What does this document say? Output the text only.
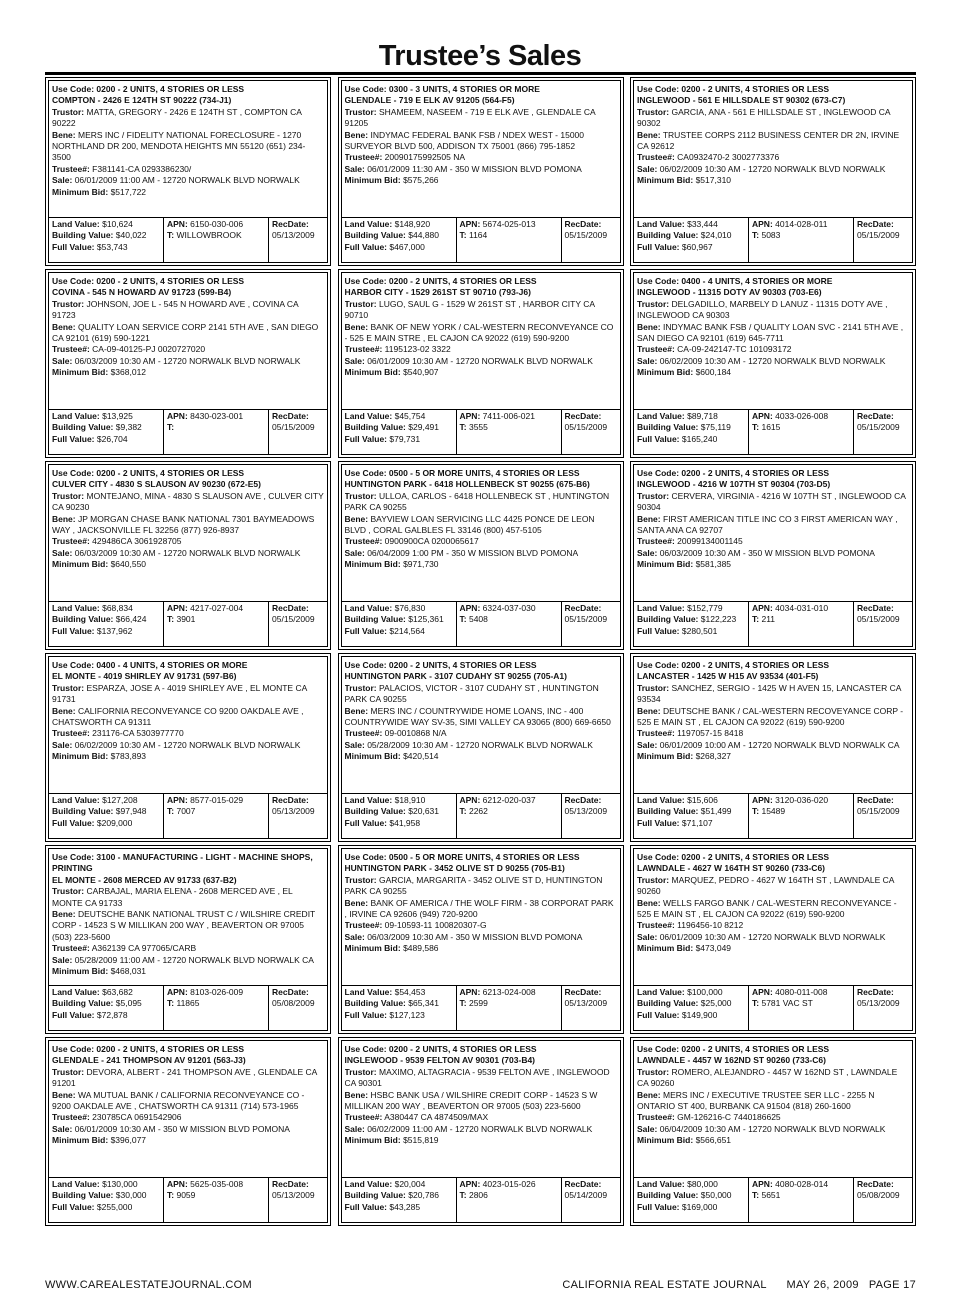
Trustee’s Sales
Use Code: 0200 - 2 UNITS, 4 STORIES OR LESS
COMPTON - 2426 E 124TH ST 90222 (734-J1)
Trustor: MATTA, GREGORY - 2426 E 124TH ST , COMPTON CA 90222
Bene: MERS INC / FIDELITY NATIONAL FORECLOSURE - 1270 NORTHLAND DR 200, MENDOTA HEIGHTS MN 55120 (651) 234-3500
Trustee#: F381141-CA 0293386230/
Sale: 06/01/2009 11:00 AM - 12720 NORWALK BLVD NORWALK
Minimum Bid: $517,722
Land Value: $10,624
Building Value: $40,022
Full Value: $53,743
APN: 6150-030-006
T: WILLOWBROOK
RecDate:
05/13/2009
Use Code: 0300 - 3 UNITS, 4 STORIES OR MORE
GLENDALE - 719 E ELK AV 91205 (564-F5)
Trustor: SHAMEEM, NASEEM - 719 E ELK AVE , GLENDALE CA 91205
Bene: INDYMAC FEDERAL BANK FSB / NDEX WEST - 15000 SURVEYOR BLVD 500, ADDISON TX 75001 (866) 795-1852
Trustee#: 20090175992505 NA
Sale: 06/01/2009 11:30 AM - 350 W MISSION BLVD POMONA
Minimum Bid: $575,266
Land Value: $148,920
Building Value: $44,880
Full Value: $467,000
APN: 5674-025-013
T: 1164
RecDate:
05/15/2009
Use Code: 0200 - 2 UNITS, 4 STORIES OR LESS
INGLEWOOD - 561 E HILLSDALE ST 90302 (673-C7)
Trustor: GARCIA, ANA - 561 E HILLSDALE ST , INGLEWOOD CA 90302
Bene: TRUSTEE CORPS 2112 BUSINESS CENTER DR 2N, IRVINE CA 92612
Trustee#: CA0932470-2 3002773376
Sale: 06/02/2009 10:30 AM - 12720 NORWALK BLVD NORWALK
Minimum Bid: $517,310
Land Value: $33,444
Building Value: $24,010
Full Value: $60,967
APN: 4014-028-011
T: 5083
RecDate:
05/15/2009
Use Code: 0200 - 2 UNITS, 4 STORIES OR LESS
COVINA - 545 N HOWARD AV 91723 (599-B4)
Trustor: JOHNSON, JOE L - 545 N HOWARD AVE , COVINA CA 91723
Bene: QUALITY LOAN SERVICE CORP 2141 5TH AVE , SAN DIEGO CA 92101 (619) 590-1221
Trustee#: CA-09-40125-PJ 0020727020
Sale: 06/03/2009 10:30 AM - 12720 NORWALK BLVD NORWALK
Minimum Bid: $368,012
Land Value: $13,925
Building Value: $9,382
Full Value: $26,704
APN: 8430-023-001
T:
RecDate:
05/15/2009
Use Code: 0200 - 2 UNITS, 4 STORIES OR LESS
HARBOR CITY - 1529 261ST ST 90710 (793-J6)
Trustor: LUGO, SAUL G - 1529 W 261ST ST , HARBOR CITY CA 90710
Bene: BANK OF NEW YORK / CAL-WESTERN RECONVEYANCE CO - 525 E MAIN STRE , EL CAJON CA 92022 (619) 590-9200
Trustee#: 1195123-02 3322
Sale: 06/01/2009 10:30 AM - 12720 NORWALK BLVD NORWALK
Minimum Bid: $540,907
Land Value: $45,754
Building Value: $29,491
Full Value: $79,731
APN: 7411-006-021
T: 3555
RecDate:
05/15/2009
Use Code: 0400 - 4 UNITS, 4 STORIES OR MORE
INGLEWOOD - 11315 DOTY AV 90303 (703-E6)
Trustor: DELGADILLO, MARBELY D LANUZ - 11315 DOTY AVE , INGLEWOOD CA 90303
Bene: INDYMAC BANK FSB / QUALITY LOAN SVC - 2141 5TH AVE , SAN DIEGO CA 92101 (619) 645-7711
Trustee#: CA-09-242147-TC 101093172
Sale: 06/02/2009 10:30 AM - 12720 NORWALK BLVD NORWALK
Minimum Bid: $600,184
Land Value: $89,718
Building Value: $75,119
Full Value: $165,240
APN: 4033-026-008
T: 1615
RecDate:
05/15/2009
Use Code: 0200 - 2 UNITS, 4 STORIES OR LESS
CULVER CITY - 4830 S SLAUSON AV 90230 (672-E5)
Trustor: MONTEJANO, MINA - 4830 S SLAUSON AVE , CULVER CITY CA 90230
Bene: JP MORGAN CHASE BANK NATIONAL 7301 BAYMEADOWS WAY , JACKSONVILLE FL 32256 (877) 926-8937
Trustee#: 429486CA 3061928705
Sale: 06/03/2009 10:30 AM - 12720 NORWALK BLVD NORWALK
Minimum Bid: $640,550
Land Value: $68,834
Building Value: $66,424
Full Value: $137,962
APN: 4217-027-004
T: 3901
RecDate:
05/15/2009
Use Code: 0500 - 5 OR MORE UNITS, 4 STORIES OR LESS
HUNTINGTON PARK - 6418 HOLLENBECK ST 90255 (675-B6)
Trustor: ULLOA, CARLOS - 6418 HOLLENBECK ST , HUNTINGTON PARK CA 90255
Bene: BAYVIEW LOAN SERVICING LLC 4425 PONCE DE LEON BLVD , CORAL GALBLES FL 33146 (800) 457-5105
Trustee#: 0900900CA 0200065617
Sale: 06/04/2009 1:00 PM - 350 W MISSION BLVD POMONA
Minimum Bid: $971,730
Land Value: $76,830
Building Value: $125,361
Full Value: $214,564
APN: 6324-037-030
T: 5408
RecDate:
05/15/2009
Use Code: 0200 - 2 UNITS, 4 STORIES OR LESS
INGLEWOOD - 4216 W 107TH ST 90304 (703-D5)
Trustor: CERVERA, VIRGINIA - 4216 W 107TH ST , INGLEWOOD CA 90304
Bene: FIRST AMERICAN TITLE INC CO 3 FIRST AMERICAN WAY , SANTA ANA CA 92707
Trustee#: 20099134001145
Sale: 06/03/2009 10:30 AM - 350 W MISSION BLVD POMONA
Minimum Bid: $581,385
Land Value: $152,779
Building Value: $122,223
Full Value: $280,501
APN: 4034-031-010
T: 211
RecDate:
05/15/2009
Use Code: 0400 - 4 UNITS, 4 STORIES OR MORE
EL MONTE - 4019 SHIRLEY AV 91731 (597-B6)
Trustor: ESPARZA, JOSE A - 4019 SHIRLEY AVE , EL MONTE CA 91731
Bene: CALIFORNIA RECONVEYANCE CO 9200 OAKDALE AVE , CHATSWORTH CA 91311
Trustee#: 231176-CA 5303977770
Sale: 06/02/2009 10:30 AM - 12720 NORWALK BLVD NORWALK
Minimum Bid: $783,893
Land Value: $127,208
Building Value: $97,948
Full Value: $209,000
APN: 8577-015-029
T: 7007
RecDate:
05/13/2009
Use Code: 0200 - 2 UNITS, 4 STORIES OR LESS
HUNTINGTON PARK - 3107 CUDAHY ST 90255 (705-A1)
Trustor: PALACIOS, VICTOR - 3107 CUDAHY ST , HUNTINGTON PARK CA 90255
Bene: MERS INC / COUNTRYWIDE HOME LOANS, INC - 400 COUNTRYWIDE WAY SV-35, SIMI VALLEY CA 93065 (800) 669-6650
Trustee#: 09-0010868 N/A
Sale: 05/28/2009 10:30 AM - 12720 NORWALK BLVD NORWALK
Minimum Bid: $420,514
Land Value: $18,910
Building Value: $20,631
Full Value: $41,958
APN: 6212-020-037
T: 2262
RecDate:
05/13/2009
Use Code: 0200 - 2 UNITS, 4 STORIES OR LESS
LANCASTER - 1425 W H15 AV 93534 (401-F5)
Trustor: SANCHEZ, SERGIO - 1425 W H AVEN 15, LANCASTER CA 93534
Bene: DEUTSCHE BANK / CAL-WESTERN RECOVEYANCE CORP - 525 E MAIN ST , EL CAJON CA 92022 (619) 590-9200
Trustee#: 1197057-15 8418
Sale: 06/01/2009 10:00 AM - 12720 NORWALK BLVD NORWALK CA
Minimum Bid: $268,327
Land Value: $15,606
Building Value: $51,499
Full Value: $71,107
APN: 3120-036-020
T: 15489
RecDate:
05/15/2009
Use Code: 3100 - MANUFACTURING - LIGHT - MACHINE SHOPS, PRINTING
EL MONTE - 2608 MERCED AV 91733 (637-B2)
Trustor: CARBAJAL, MARIA ELENA - 2608 MERCED AVE , EL MONTE CA 91733
Bene: DEUTSCHE BANK NATIONAL TRUST C / WILSHIRE CREDIT CORP - 14523 S W MILLIKAN 200 WAY , BEAVERTON OR 97005 (503) 223-5600
Trustee#: A362139 CA 977065/CARB
Sale: 05/28/2009 11:00 AM - 12720 NORWALK BLVD NORWALK CA
Minimum Bid: $468,031
Land Value: $63,682
Building Value: $5,095
Full Value: $72,878
APN: 8103-026-009
T: 11865
RecDate:
05/08/2009
Use Code: 0500 - 5 OR MORE UNITS, 4 STORIES OR LESS
HUNTINGTON PARK - 3452 OLIVE ST D 90255 (705-B1)
Trustor: GARCIA, MARGARITA - 3452 OLIVE ST D, HUNTINGTON PARK CA 90255
Bene: BANK OF AMERICA / THE WOLF FIRM - 38 CORPORAT PARK , IRVINE CA 92606 (949) 720-9200
Trustee#: 09-10593-11 100820307-G
Sale: 06/03/2009 10:30 AM - 350 W MISSION BLVD POMONA
Minimum Bid: $489,586
Land Value: $54,453
Building Value: $65,341
Full Value: $127,123
APN: 6213-024-008
T: 2599
RecDate:
05/13/2009
Use Code: 0200 - 2 UNITS, 4 STORIES OR LESS
LAWNDALE - 4627 W 164TH ST 90260 (733-C6)
Trustor: MARQUEZ, PEDRO - 4627 W 164TH ST , LAWNDALE CA 90260
Bene: WELLS FARGO BANK / CAL-WESTERN RECONVEYANCE - 525 E MAIN ST , EL CAJON CA 92022 (619) 590-9200
Trustee#: 1196456-10 8212
Sale: 06/01/2009 10:30 AM - 12720 NORWALK BLVD NORWALK
Minimum Bid: $473,049
Land Value: $100,000
Building Value: $25,000
Full Value: $149,900
APN: 4080-011-008
T: 5781 VAC ST
RecDate:
05/13/2009
Use Code: 0200 - 2 UNITS, 4 STORIES OR LESS
GLENDALE - 241 THOMPSON AV 91201 (563-J3)
Trustor: DEVORA, ALBERT - 241 THOMPSON AVE , GLENDALE CA 91201
Bene: WA MUTUAL BANK / CALIFORNIA RECONVEYANCE CO - 9200 OAKDALE AVE , CHATSWORTH CA 91311 (714) 573-1965
Trustee#: 230785CA 0691542906
Sale: 06/01/2009 10:30 AM - 350 W MISSION BLVD POMONA
Minimum Bid: $396,077
Land Value: $130,000
Building Value: $30,000
Full Value: $255,000
APN: 5625-035-008
T: 9059
RecDate:
05/13/2009
Use Code: 0200 - 2 UNITS, 4 STORIES OR LESS
INGLEWOOD - 9539 FELTON AV 90301 (703-B4)
Trustor: MAXIMO, ALTAGRACIA - 9539 FELTON AVE , INGLEWOOD CA 90301
Bene: HSBC BANK USA / WILSHIRE CREDIT CORP - 14523 S W MILLIKAN 200 WAY , BEAVERTON OR 97005 (503) 223-5600
Trustee#: A380447 CA 4874509/MAX
Sale: 06/02/2009 11:00 AM - 12720 NORWALK BLVD NORWALK
Minimum Bid: $515,819
Land Value: $20,004
Building Value: $20,786
Full Value: $43,285
APN: 4023-015-026
T: 2806
RecDate:
05/14/2009
Use Code: 0200 - 2 UNITS, 4 STORIES OR LESS
LAWNDALE - 4457 W 162ND ST 90260 (733-C6)
Trustor: ROMERO, ALEJANDRO - 4457 W 162ND ST , LAWNDALE CA 90260
Bene: MERS INC / EXECUTIVE TRUSTEE SER LLC - 2255 N ONTARIO ST 400, BURBANK CA 91504 (818) 260-1600
Trustee#: GM-126216-C 7440186625
Sale: 06/04/2009 10:30 AM - 12720 NORWALK BLVD NORWALK
Minimum Bid: $566,651
Land Value: $80,000
Building Value: $50,000
Full Value: $169,000
APN: 4080-028-014
T: 5651
RecDate:
05/08/2009
WWW.CAREALESTATEJOURNAL.COM	CALIFORNIA REAL ESTATE JOURNAL      MAY 26, 2009   PAGE 17
